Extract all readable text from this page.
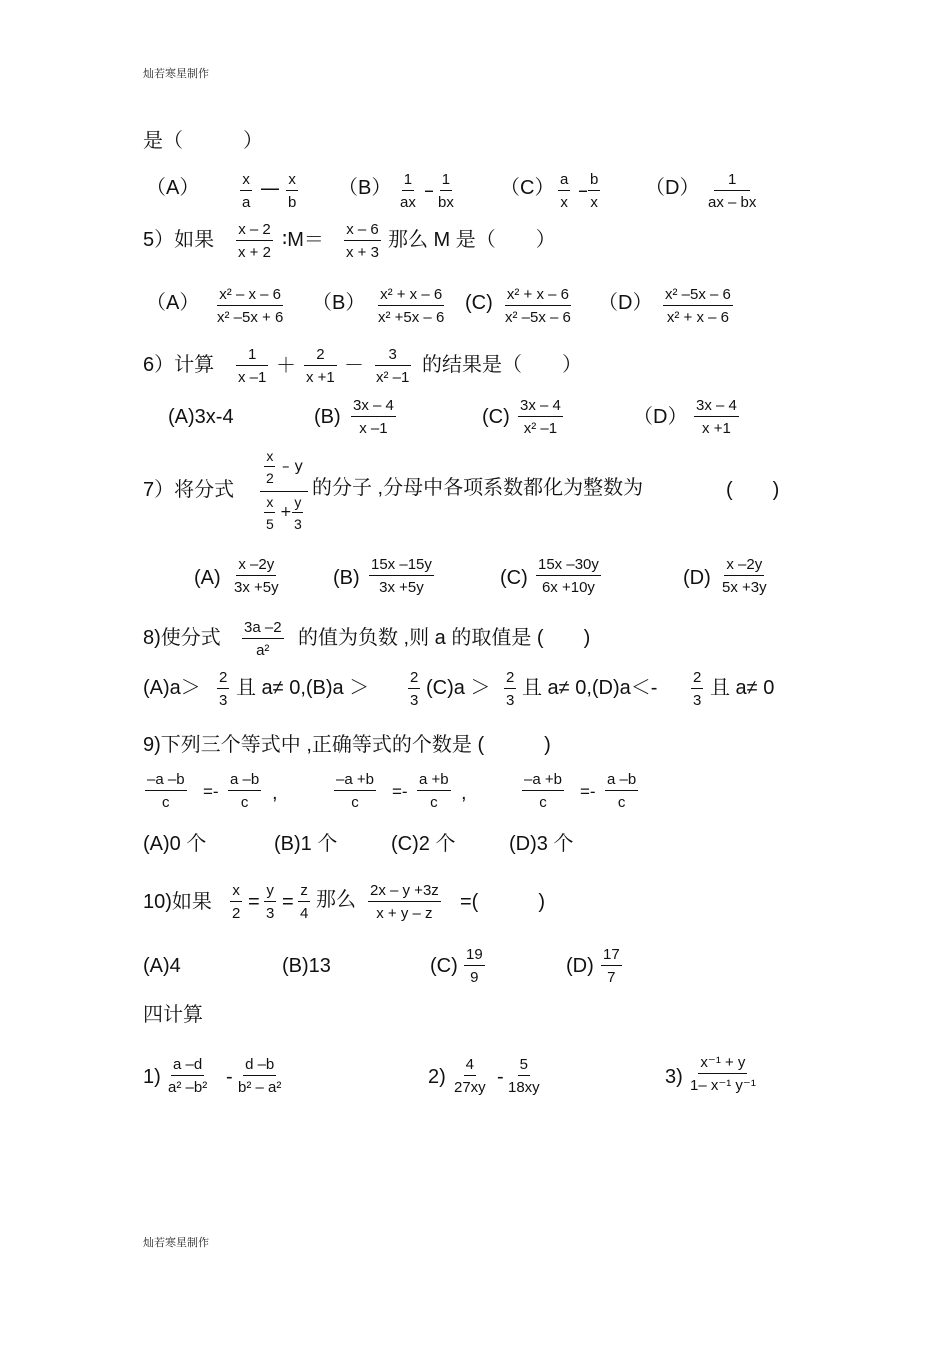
灿若寒星制作
灿若寒星制作
是（　　　）
（A）	$\frac{x}{a}$ — $\frac{x}{b} (B) \frac{1}{ax} - \frac{1}{bx} (C) \frac{a}{x} - \frac{b}{x} (D) \frac{1}{ax - bx}$
5）如果 $\frac{x - 2}{x + 2}$ ∶M＝ $\frac{x - 6}{x + 3}$ 那么 M 是（　　）
$(A) \frac{\text{x² – x – 6}}{\text{x² –5x + 6}} (B) \frac{\text{x² + x – 6}}{\text{x² +5x – 6}} (C) \frac{\text{x² + x – 6}}{\text{x² –5x – 6}} (D) \frac{\text{x² –5x – 6}}{\text{x² + x – 6}}$
6）计算 $\frac{1}{x -1} + \frac{2}{x +1} - \frac{3}{\text{x² –1}}$ 的结果是（　　）
(A)3x-4	$(B) \frac{3x - 4}{x -1}$	$(C) \frac{3x - 4}{\text{x² –1}}$	$(D) \frac{3x - 4}{x +1}$
7）将分式
$\frac{x}{2}$ – y
$\frac{x}{5} + \frac{y}{3}$
的分子 ,分母中各项系数都化为整数为	(　　)
$(A) \frac{x -2y}{3x +5y}$	$(B) \frac{15x -15y}{3x +5y}$	$(C) \frac{15x -30y}{6x +10y}$	$(D) \frac{x -2y}{5x +3y}$
8)使分式 $\frac{3a -2}{\text{a²}}$ 的值为负数 ,则 a 的取值是 (　　)
$(A)a> \frac{2}{3}$ 且 a≠ 0,(B)a ＞	$\frac{2}{3} (C)a > \frac{2}{3}$ 且 $a\ne 0,(D)a<- \frac{2}{3}$ 且 a≠ 0
9)下列三个等式中 ,正确等式的个数是 (　　　)
$\frac{-a -b}{c} =- \frac{a -b}{c}$ ,	$\frac{-a +b}{c} =- \frac{a +b}{c}$ ,	$\frac{-a +b}{c} =- \frac{a -b}{c}$
(A)0 个	(B)1 个	(C)2 个	(D)3 个
10)如果 $\frac{x}{2} = \frac{y}{3} = \frac{z}{4}$ 那么 $\frac{2x - y +3z}{x + y - z}$ =(　　　)
(A)4	(B)13	$(C) \frac{19}{9}$	$(D) \frac{17}{7}$
四计算
$1) \frac{a -d}{\text{a² –b²}} - \frac{d -b}{\text{b² – a²}}$	$2) \frac{4}{27xy} - \frac{5}{18xy}$	$3) \frac{\text{x⁻¹ + y}}{\text{1– x⁻¹ y⁻¹}}$
